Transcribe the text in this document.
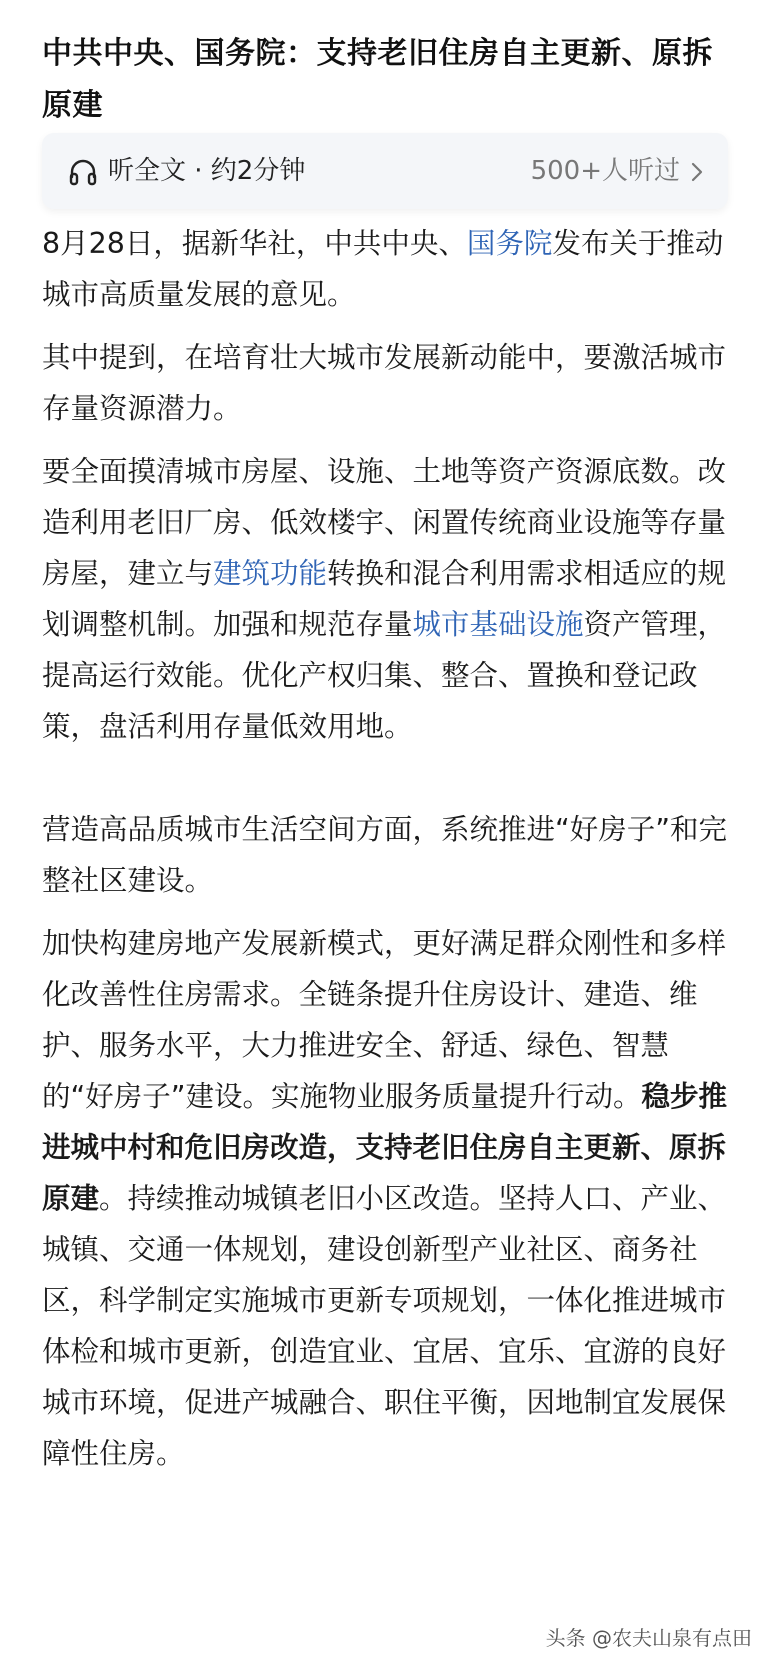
中共中央、国务院：支持老旧住房自主更新、原拆原建
听全文 · 约2分钟	500+人听过

8月28日，据新华社，中共中央、国务院发布关于推动城市高质量发展的意见。

其中提到，在培育壮大城市发展新动能中，要激活城市存量资源潜力。

要全面摸清城市房屋、设施、土地等资产资源底数。改造利用老旧厂房、低效楼宇、闲置传统商业设施等存量房屋，建立与建筑功能转换和混合利用需求相适应的规划调整机制。加强和规范存量城市基础设施资产管理，提高运行效能。优化产权归集、整合、置换和登记政策，盘活利用存量低效用地。

营造高品质城市生活空间方面，系统推进“好房子”和完整社区建设。

加快构建房地产发展新模式，更好满足群众刚性和多样化改善性住房需求。全链条提升住房设计、建造、维护、服务水平，大力推进安全、舒适、绿色、智慧的“好房子”建设。实施物业服务质量提升行动。稳步推进城中村和危旧房改造，支持老旧住房自主更新、原拆原建。持续推动城镇老旧小区改造。坚持人口、产业、城镇、交通一体规划，建设创新型产业社区、商务社区，科学制定实施城市更新专项规划，一体化推进城市体检和城市更新，创造宜业、宜居、宜乐、宜游的良好城市环境，促进产城融合、职住平衡，因地制宜发展保障性住房。

头条 @农夫山泉有点田
